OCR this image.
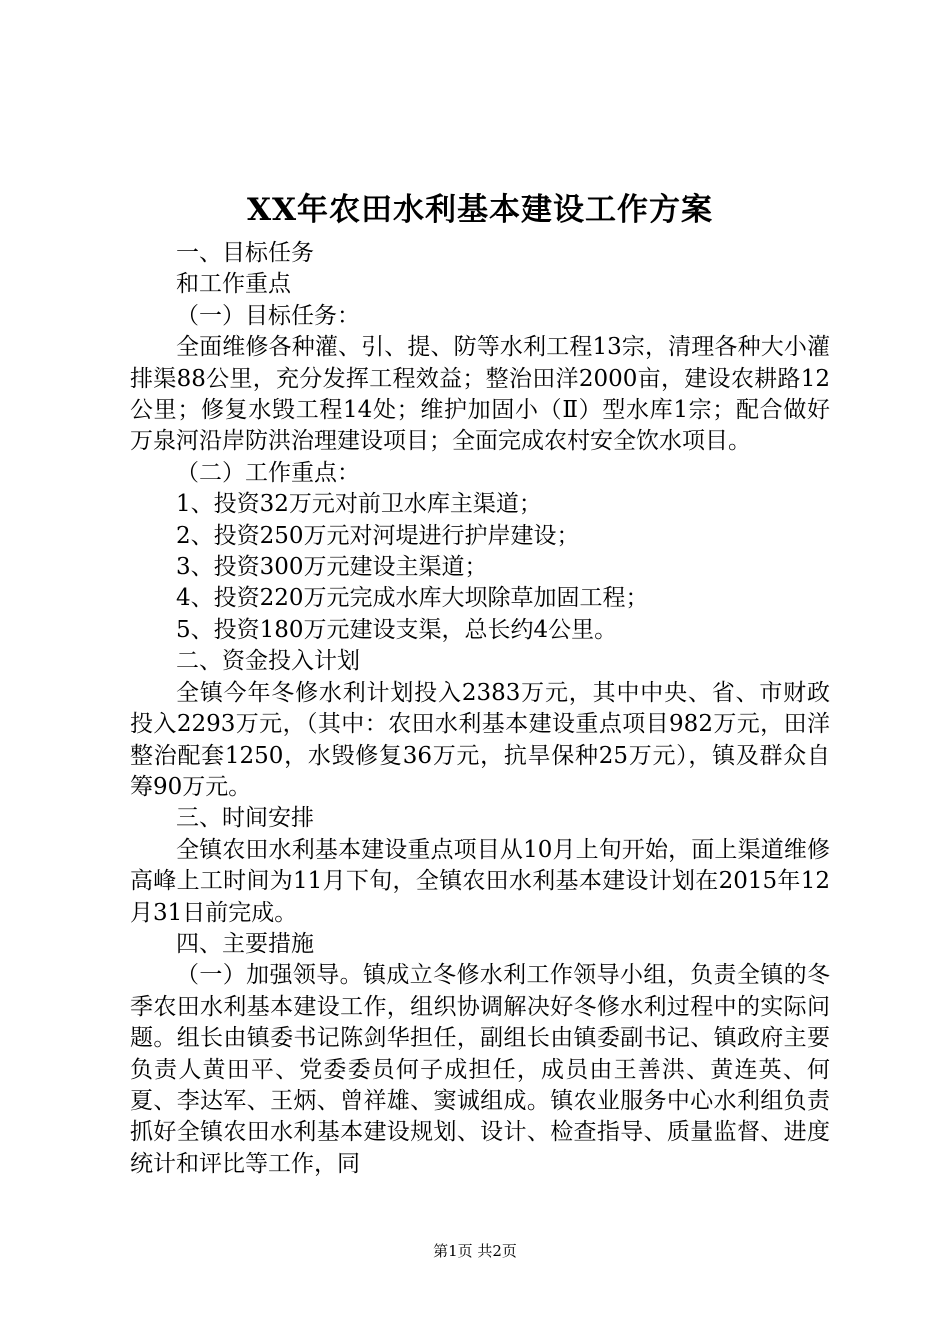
XX年农田水利基本建设工作方案

一、目标任务

和工作重点

（一）目标任务：

全面维修各种灌、引、提、防等水利工程13宗，清理各种大小灌排渠88公里，充分发挥工程效益；整治田洋2000亩，建设农耕路12公里；修复水毁工程14处；维护加固小（Ⅱ）型水库1宗；配合做好万泉河沿岸防洪治理建设项目；全面完成农村安全饮水项目。

（二）工作重点：

1、投资32万元对前卫水库主渠道；

2、投资250万元对河堤进行护岸建设；

3、投资300万元建设主渠道；

4、投资220万元完成水库大坝除草加固工程；

5、投资180万元建设支渠，总长约4公里。

二、资金投入计划

全镇今年冬修水利计划投入2383万元，其中中央、省、市财政投入2293万元，（其中：农田水利基本建设重点项目982万元，田洋整治配套1250，水毁修复36万元，抗旱保种25万元），镇及群众自筹90万元。

三、时间安排

全镇农田水利基本建设重点项目从10月上旬开始，面上渠道维修高峰上工时间为11月下旬，全镇农田水利基本建设计划在2015年12月31日前完成。

四、主要措施

（一）加强领导。镇成立冬修水利工作领导小组，负责全镇的冬季农田水利基本建设工作，组织协调解决好冬修水利过程中的实际问题。组长由镇委书记陈剑华担任，副组长由镇委副书记、镇政府主要负责人黄田平、党委委员何子成担任，成员由王善洪、黄连英、何夏、李达军、王炳、曾祥雄、窦诚组成。镇农业服务中心水利组负责抓好全镇农田水利基本建设规划、设计、检查指导、质量监督、进度统计和评比等工作，同

第1页 共2页
